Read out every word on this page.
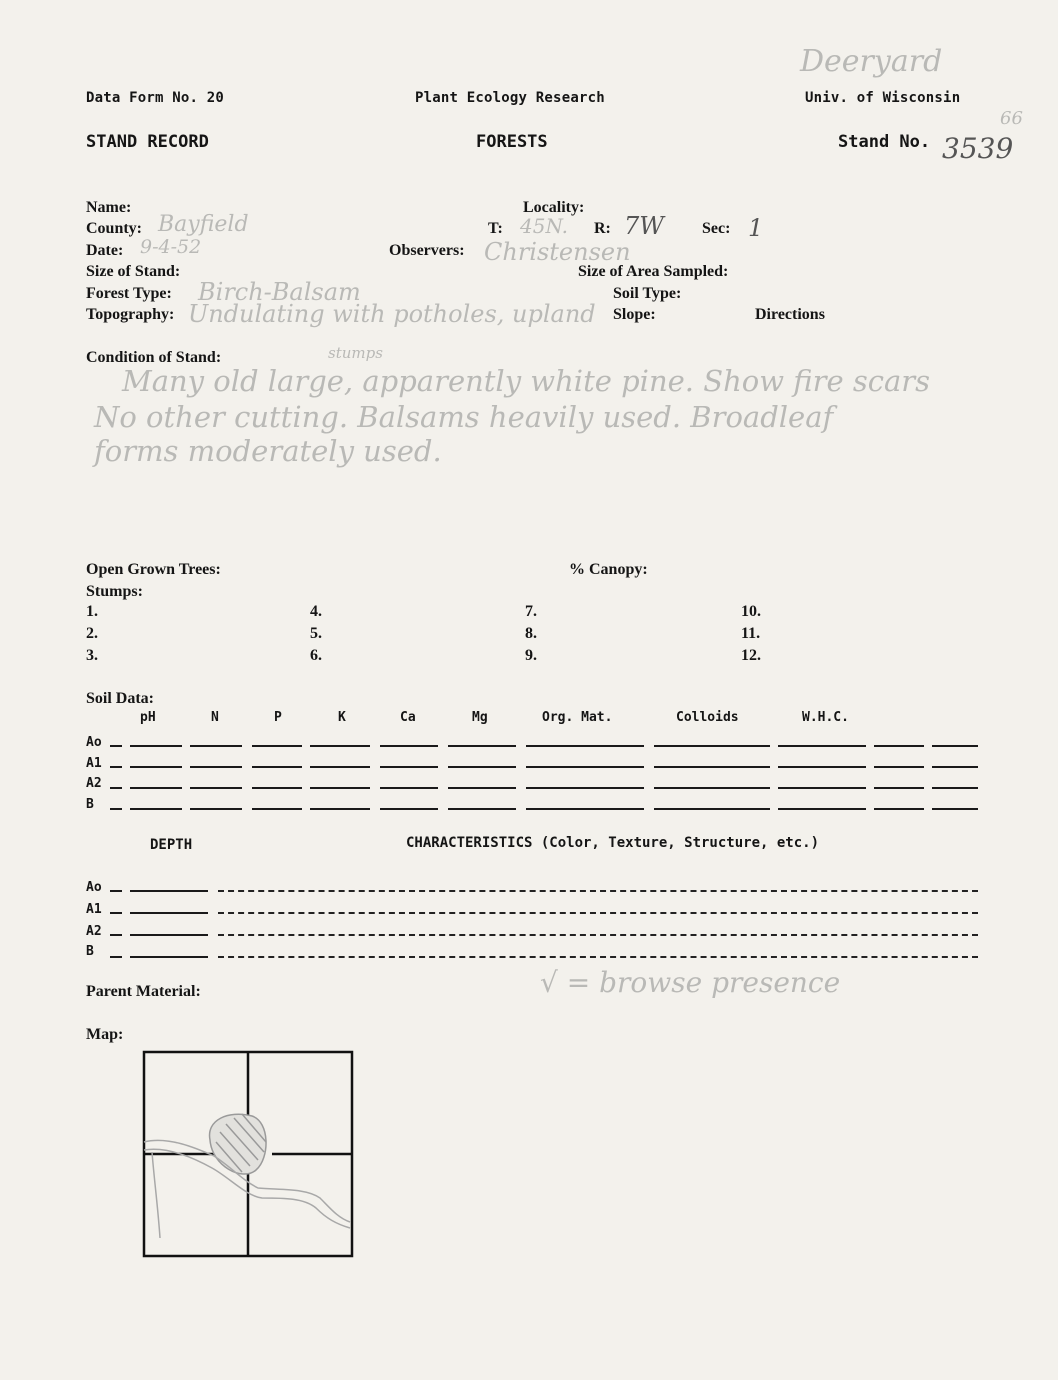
Data Form No. 20	Plant Ecology Research	Univ. of Wisconsin
Deeryard
STAND RECORD	FORESTS	Stand No. 3539
66
Name:	Locality:
County: Bayfield	T: 45N. R: 7W Sec: 1
Date: 9-4-52	Observers: Christensen
Size of Stand:	Size of Area Sampled:
Forest Type: Birch-Balsam	Soil Type:
Topography: Undulating with potholes, upland Slope:	Directions
Condition of Stand:	stumps
Many old large, apparently white pine. Show fire scars
No other cutting. Balsams heavily used. Broadleaf
forms moderately used.
Open Grown Trees:	% Canopy:
Stumps:
1.	4.	7.	10.
2.	5.	8.	11.
3.	6.	9.	12.
Soil Data:
pH	N	P	K	Ca	Mg	Org. Mat.	Colloids	W.H.C.
Ao
A1
A2
B
DEPTH	CHARACTERISTICS (Color, Texture, Structure, etc.)
Ao
A1
A2
B
Parent Material:	√ = browse presence
Map:
